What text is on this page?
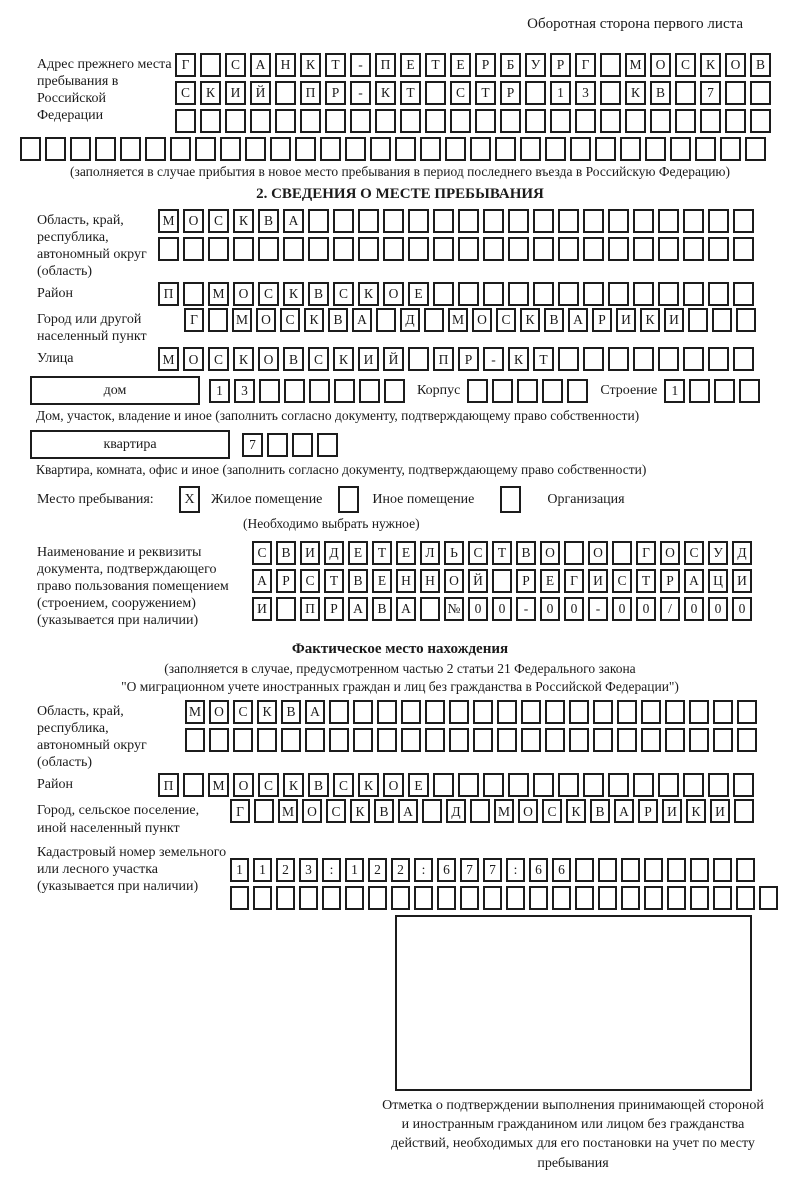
Оборотная сторона первого листа
Адрес прежнего места пребывания в Российской Федерации
Г	С	А	Н	К	Т	-	П	Е	Т	Е	Р	Б	У	Р	Г	М	О	С	К	О	В
С	К	И	Й	П	Р	-	К	Т	С	Т	Р	1	3	К	В	7
(заполняется в случае прибытия в новое место пребывания в период последнего въезда в Российскую Федерацию)
2. СВЕДЕНИЯ О МЕСТЕ ПРЕБЫВАНИЯ
Область, край, республика, автономный округ (область)
М	О	С	К	В	А
Район	П	М	О	С	К	В	С	К	О	Е
Город или другой населенный пункт
Г	М О	С	К	В	А	Д	М О	С	К	В	А	Р	И	К	И
Улица	М	О	С	К	О	В	С	К	И	Й	П	Р	-	К	Т
дом	1	3	Корпус	Строение	1
Дом, участок, владение и иное (заполнить согласно документу, подтверждающему право собственности)
квартира	7
Квартира, комната, офис и иное (заполнить согласно документу, подтверждающему право собственности)
Место пребывания:	X	Жилое помещение	Иное помещение	Организация
(Необходимо выбрать нужное)
Наименование и реквизиты документа, подтверждающего право пользования помещением (строением, сооружением) (указывается при наличии)
С	В	И	Д	Е	Т	Е	Л	Ь	С	Т	В	О	О	Г	О	С	У	Д
А	Р	С	Т	В	Е	Н	Н	О	Й	Р	Е	Г	И	С	Т	Р	А	Ц	И
И	П	Р	А	В	А	№	0	0	-	0	0	-	0	0	/	0	0	0
Фактическое место нахождения
(заполняется в случае, предусмотренном частью 2 статьи 21 Федерального закона
"О миграционном учете иностранных граждан и лиц без гражданства в Российской Федерации")
Область, край, республика, автономный округ (область)
М О	С	К	В	А
Район	П	М	О	С	К	В	С	К	О	Е
Город, сельское поселение, иной населенный пункт
Г	М О	С	К	В	А	Д	М О	С	К	В	А	Р	И	К	И
Кадастровый номер земельного или лесного участка (указывается при наличии)
1	1	2	3	:	1	2	2	:	6	7	7	:	6	6
Отметка о подтверждении выполнения принимающей стороной и иностранным гражданином или лицом без гражданства действий, необходимых для его постановки на учет по месту пребывания
